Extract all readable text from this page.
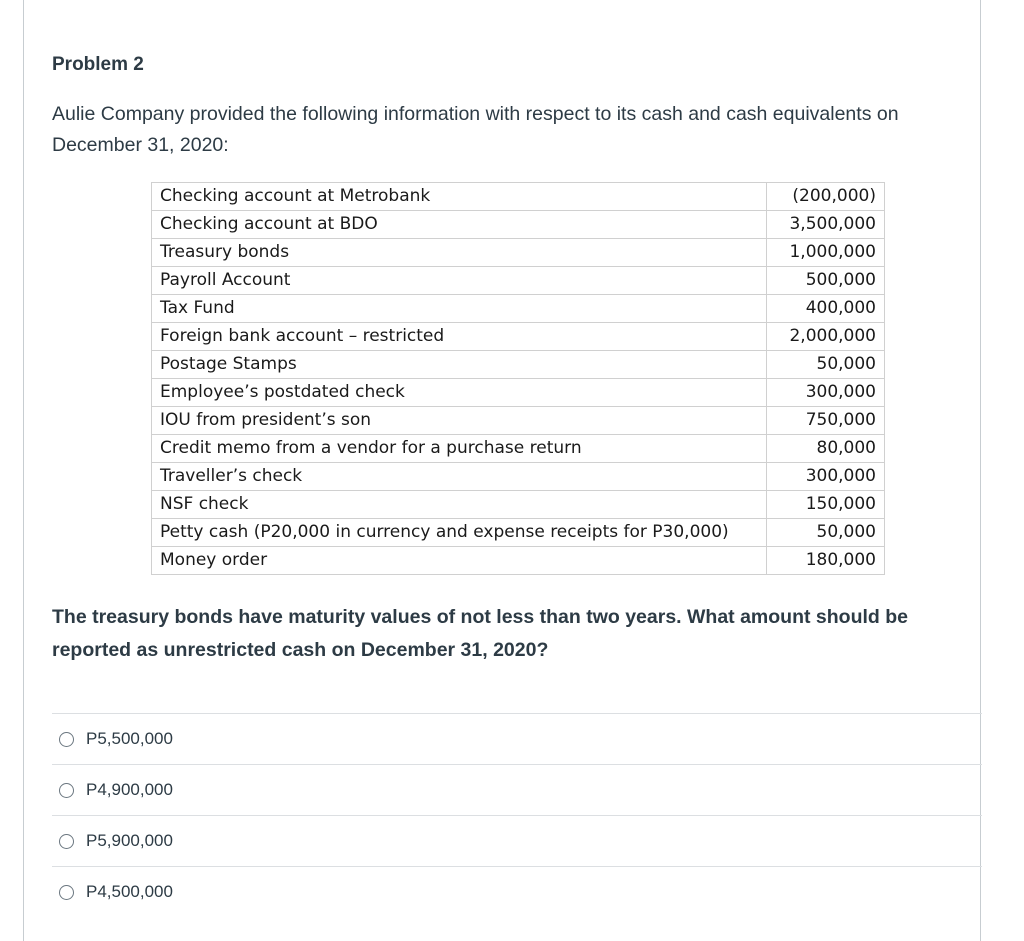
Problem 2
Aulie Company provided the following information with respect to its cash and cash equivalents on December 31, 2020:
Checking account at Metrobank	(200,000)
Checking account at BDO	3,500,000
Treasury bonds	1,000,000
Payroll Account	500,000
Tax Fund	400,000
Foreign bank account – restricted	2,000,000
Postage Stamps	50,000
Employee’s postdated check	300,000
IOU from president’s son	750,000
Credit memo from a vendor for a purchase return	80,000
Traveller’s check	300,000
NSF check	150,000
Petty cash (P20,000 in currency and expense receipts for P30,000)	50,000
Money order	180,000
The treasury bonds have maturity values of not less than two years. What amount should be reported as unrestricted cash on December 31, 2020?
P5,500,000
P4,900,000
P5,900,000
P4,500,000
